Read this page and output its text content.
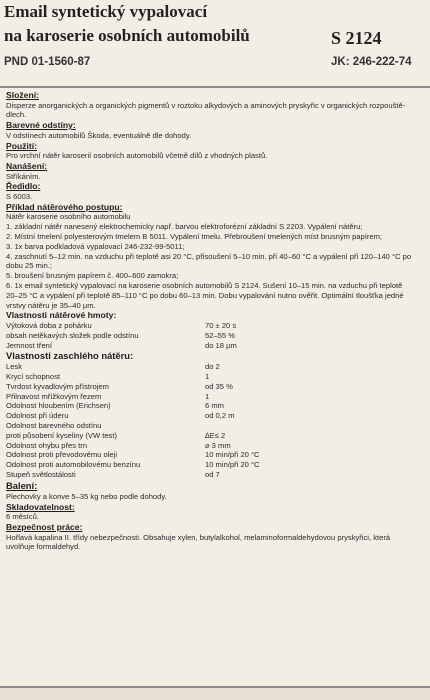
Email syntetický vypalovací
na karoserie osobních automobilů	S 2124
PND 01-1560-87	JK: 246-222-74
Složení:

Disperze anorganických a organických pigmentů v roztoku alkydových a aminových pryskyřic v organických rozpouště-

dlech.

Barevné odstíny:

V odstínech automobilů Škoda, eventuálně dle dohody.

Použití:

Pro vrchní nátěr karoserií osobních automobilů včetně dílů z vhodných plastů.

Nanášení:

Stříkáním.

Ředidlo:

S 6003.

Příklad nátěrového postupu:

Nátěr karoserie osobního automobilu

1. základní nátěr nanesený elektrochemicky např. barvou elektroforézní základní S 2203. Vypálení nátěru;

2. Místní tmelení polyesterovým tmelem B 5011. Vypálení tmelu. Přebroušení tmelených míst brusným papírem;

3. 1x barva podkladová vypalovací 246-232-99-5011;

4. zaschnutí 5–12 min. na vzduchu při teplotě asi 20 °C, přisoušení 5–10 min. při 40–60 °C a vypálení při 120–140 °C po

dobu 25 min.;

5. broušení brusným papírem č. 400–600 zamokra;

6. 1x email syntetický vypalovací na karoserie osobních automobilů S 2124. Sušení 10–15 min. na vzduchu při teplotě

20–25 °C a vypálení při teplotě 85–110 °C po dobu 60–13 min. Dobu vypalování nutno ověřit. Optimální tloušťka jedné

vrstvy nátěru je 35–40 µm.

Vlastnosti nátěrové hmoty:
Výtoková doba z pohárku	70 ± 20 s
obsah netěkavých složek podle odstínu	52–55 %
Jemnost tření	do 18 µm
Vlastnosti zaschlého nátěru:
Lesk	do 2
Krycí schopnost	1
Tvrdost kyvadlovým přístrojem	od 35 %
Přilnavost mřížkovým řezem	1
Odolnost hloubením (Erichsen)	6 mm
Odolnost při úderu	od 0,2 m
Odolnost barevného odstínu
proti působení kyseliny (VW test)	∆E≤ 2
Odolnost ohybu přes trn	⌀ 3 mm
Odolnost proti převodovému oleji	10 min/při 20 °C
Odolnost proti automobilovému benzínu	10 min/při 20 °C
Stupeň světlostálosti	od 7
Balení:

Plechovky a konve 5–35 kg nebo podle dohody.

Skladovatelnost:

6 měsíců.

Bezpečnost práce:

Hořlavá kapalina II. třídy nebezpečnosti. Obsahuje xylen, butylalkohol, melaminoformaldehydovou pryskyřici, která

uvolňuje formaldehyd.
